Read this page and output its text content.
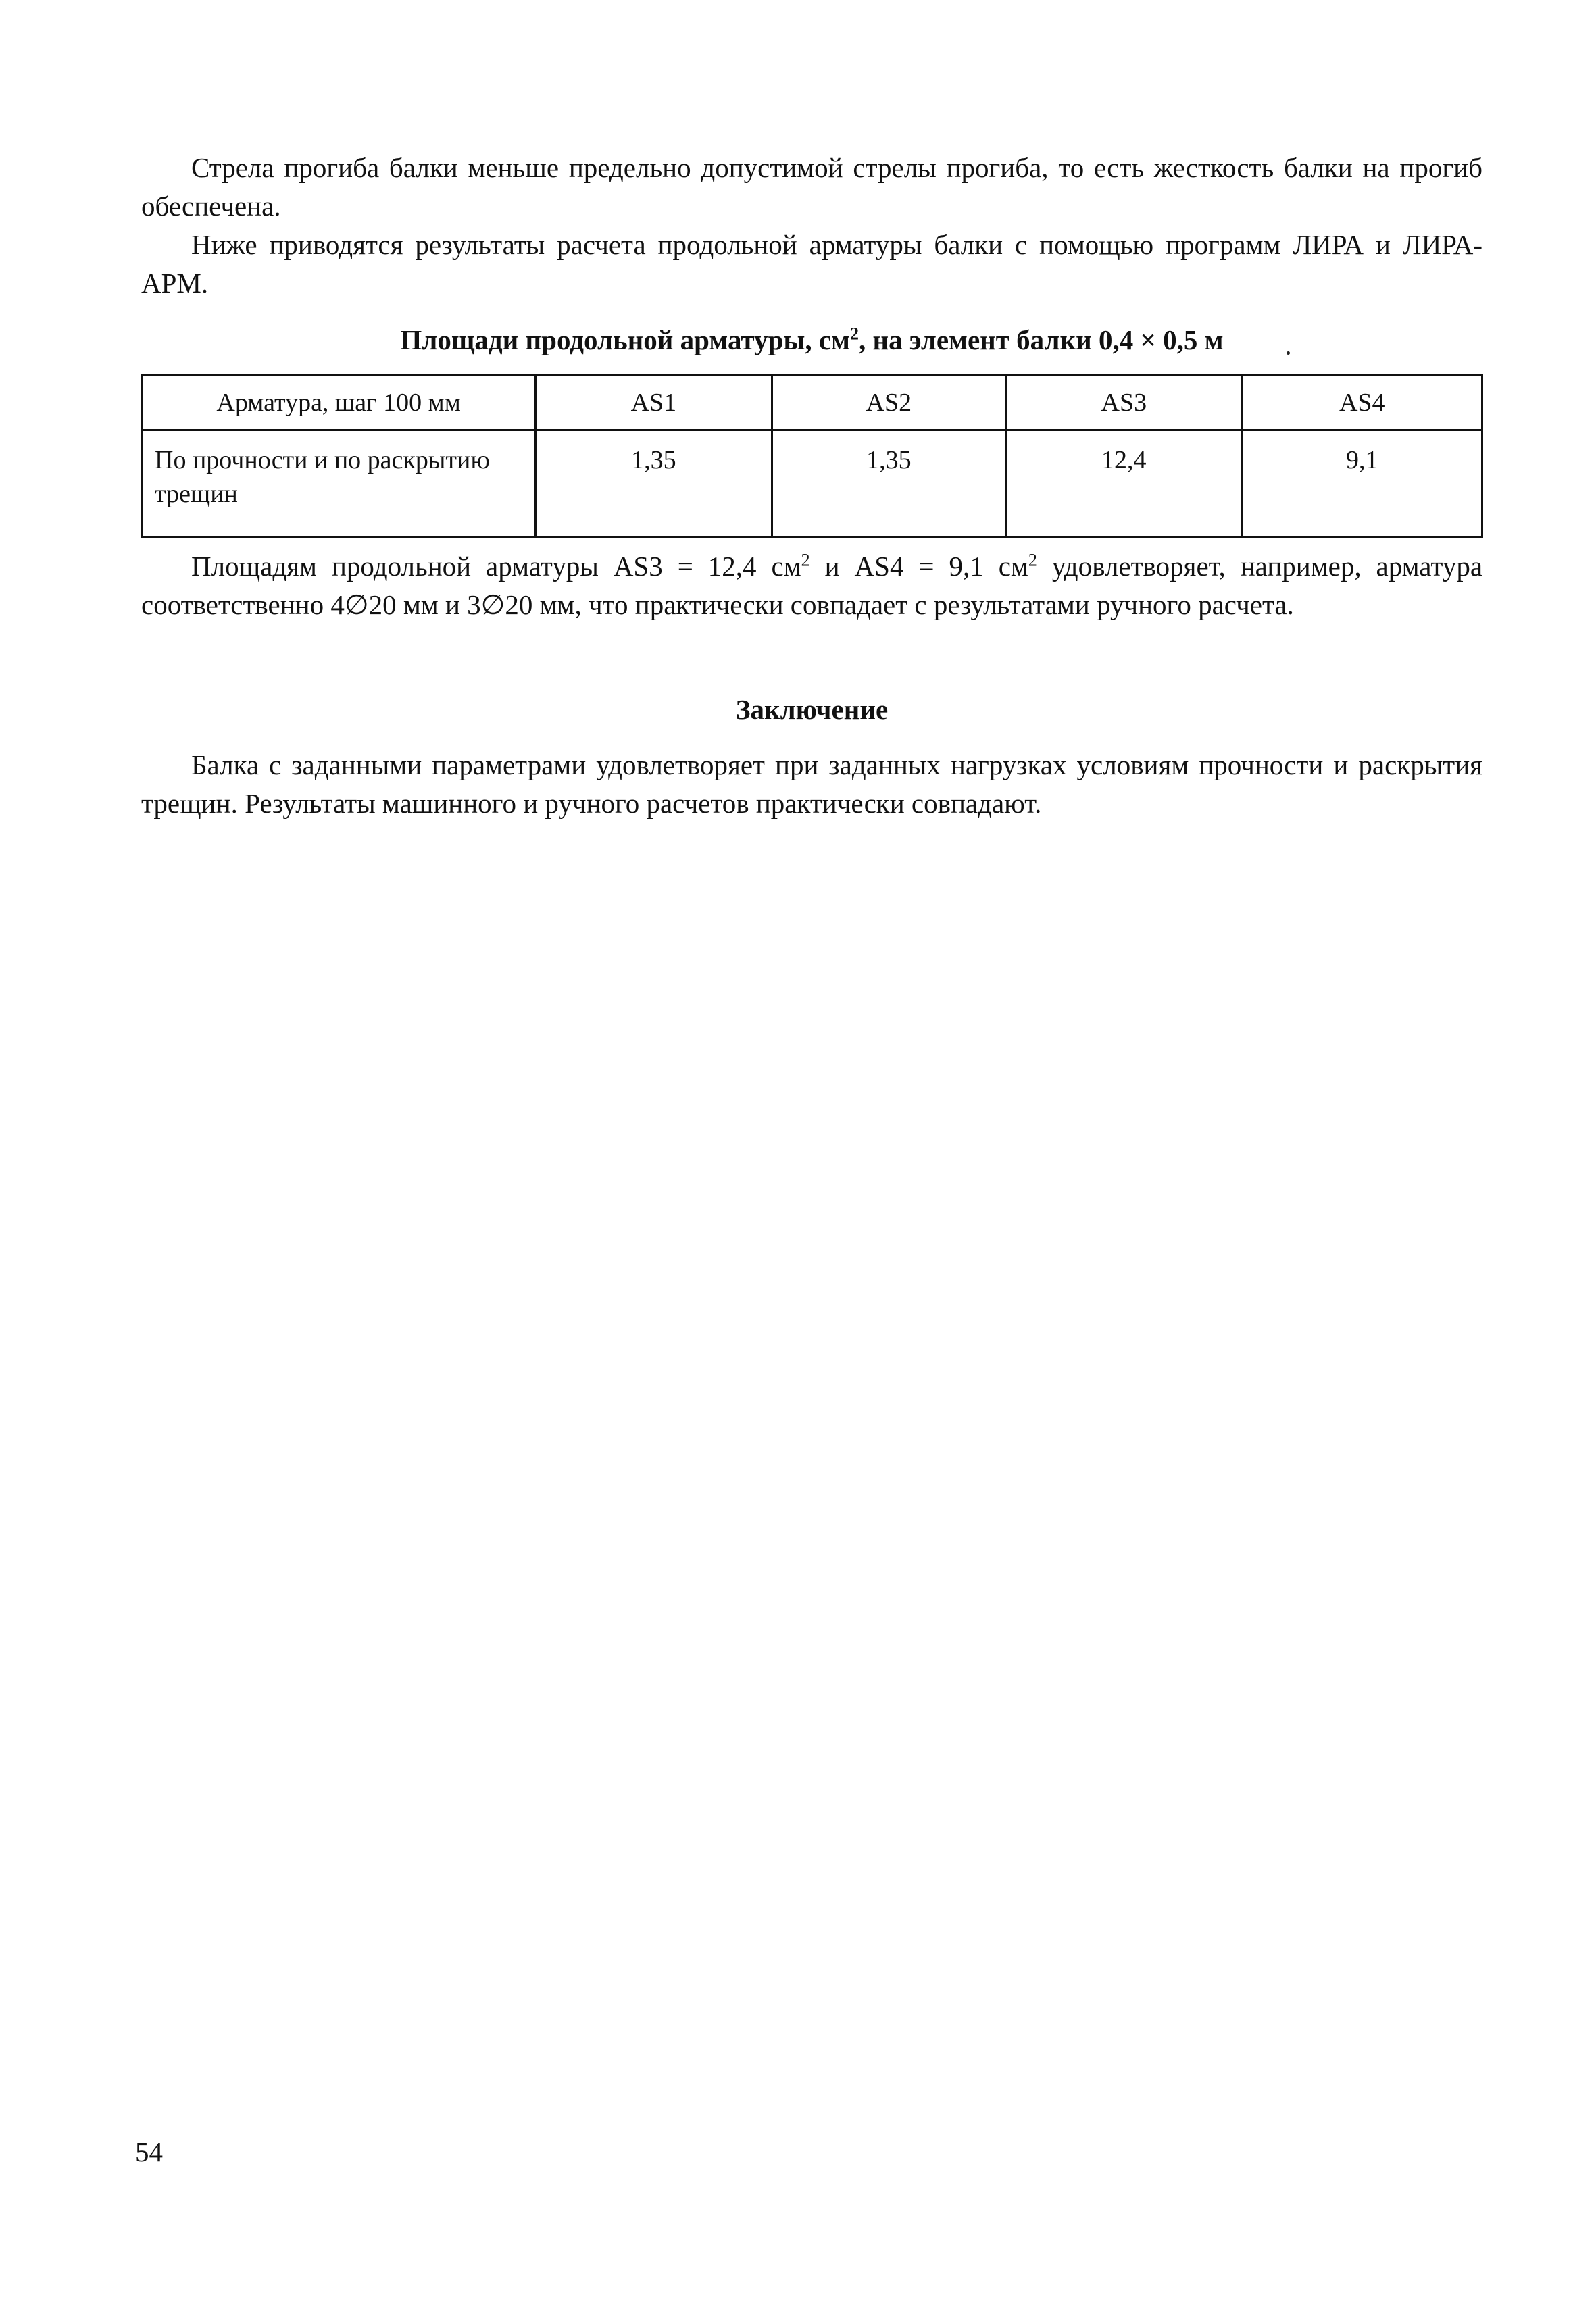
Стрела прогиба балки меньше предельно допустимой стрелы прогиба, то есть жесткость балки на прогиб обеспечена.

Ниже приводятся результаты расчета продольной арматуры балки с помощью программ ЛИРА и ЛИРА-АРМ.

Площади продольной арматуры, $см^2$, на элемент балки 0,4 × 0,5 м

Арматура, шаг 100 мм	AS1	AS2	AS3	AS4
По прочности и по раскрытию трещин	1,35	1,35	12,4	9,1

Площадям продольной арматуры AS3 = 12,4 $см^2$ и AS4 = 9,1 $см^2$ удовлетворяет, например, арматура соответственно 4∅20 мм и 3∅20 мм, что практически совпадает с результатами ручного расчета.

Заключение

Балка с заданными параметрами удовлетворяет при заданных нагрузках условиям прочности и раскрытия трещин. Результаты машинного и ручного расчетов практически совпадают.

54
